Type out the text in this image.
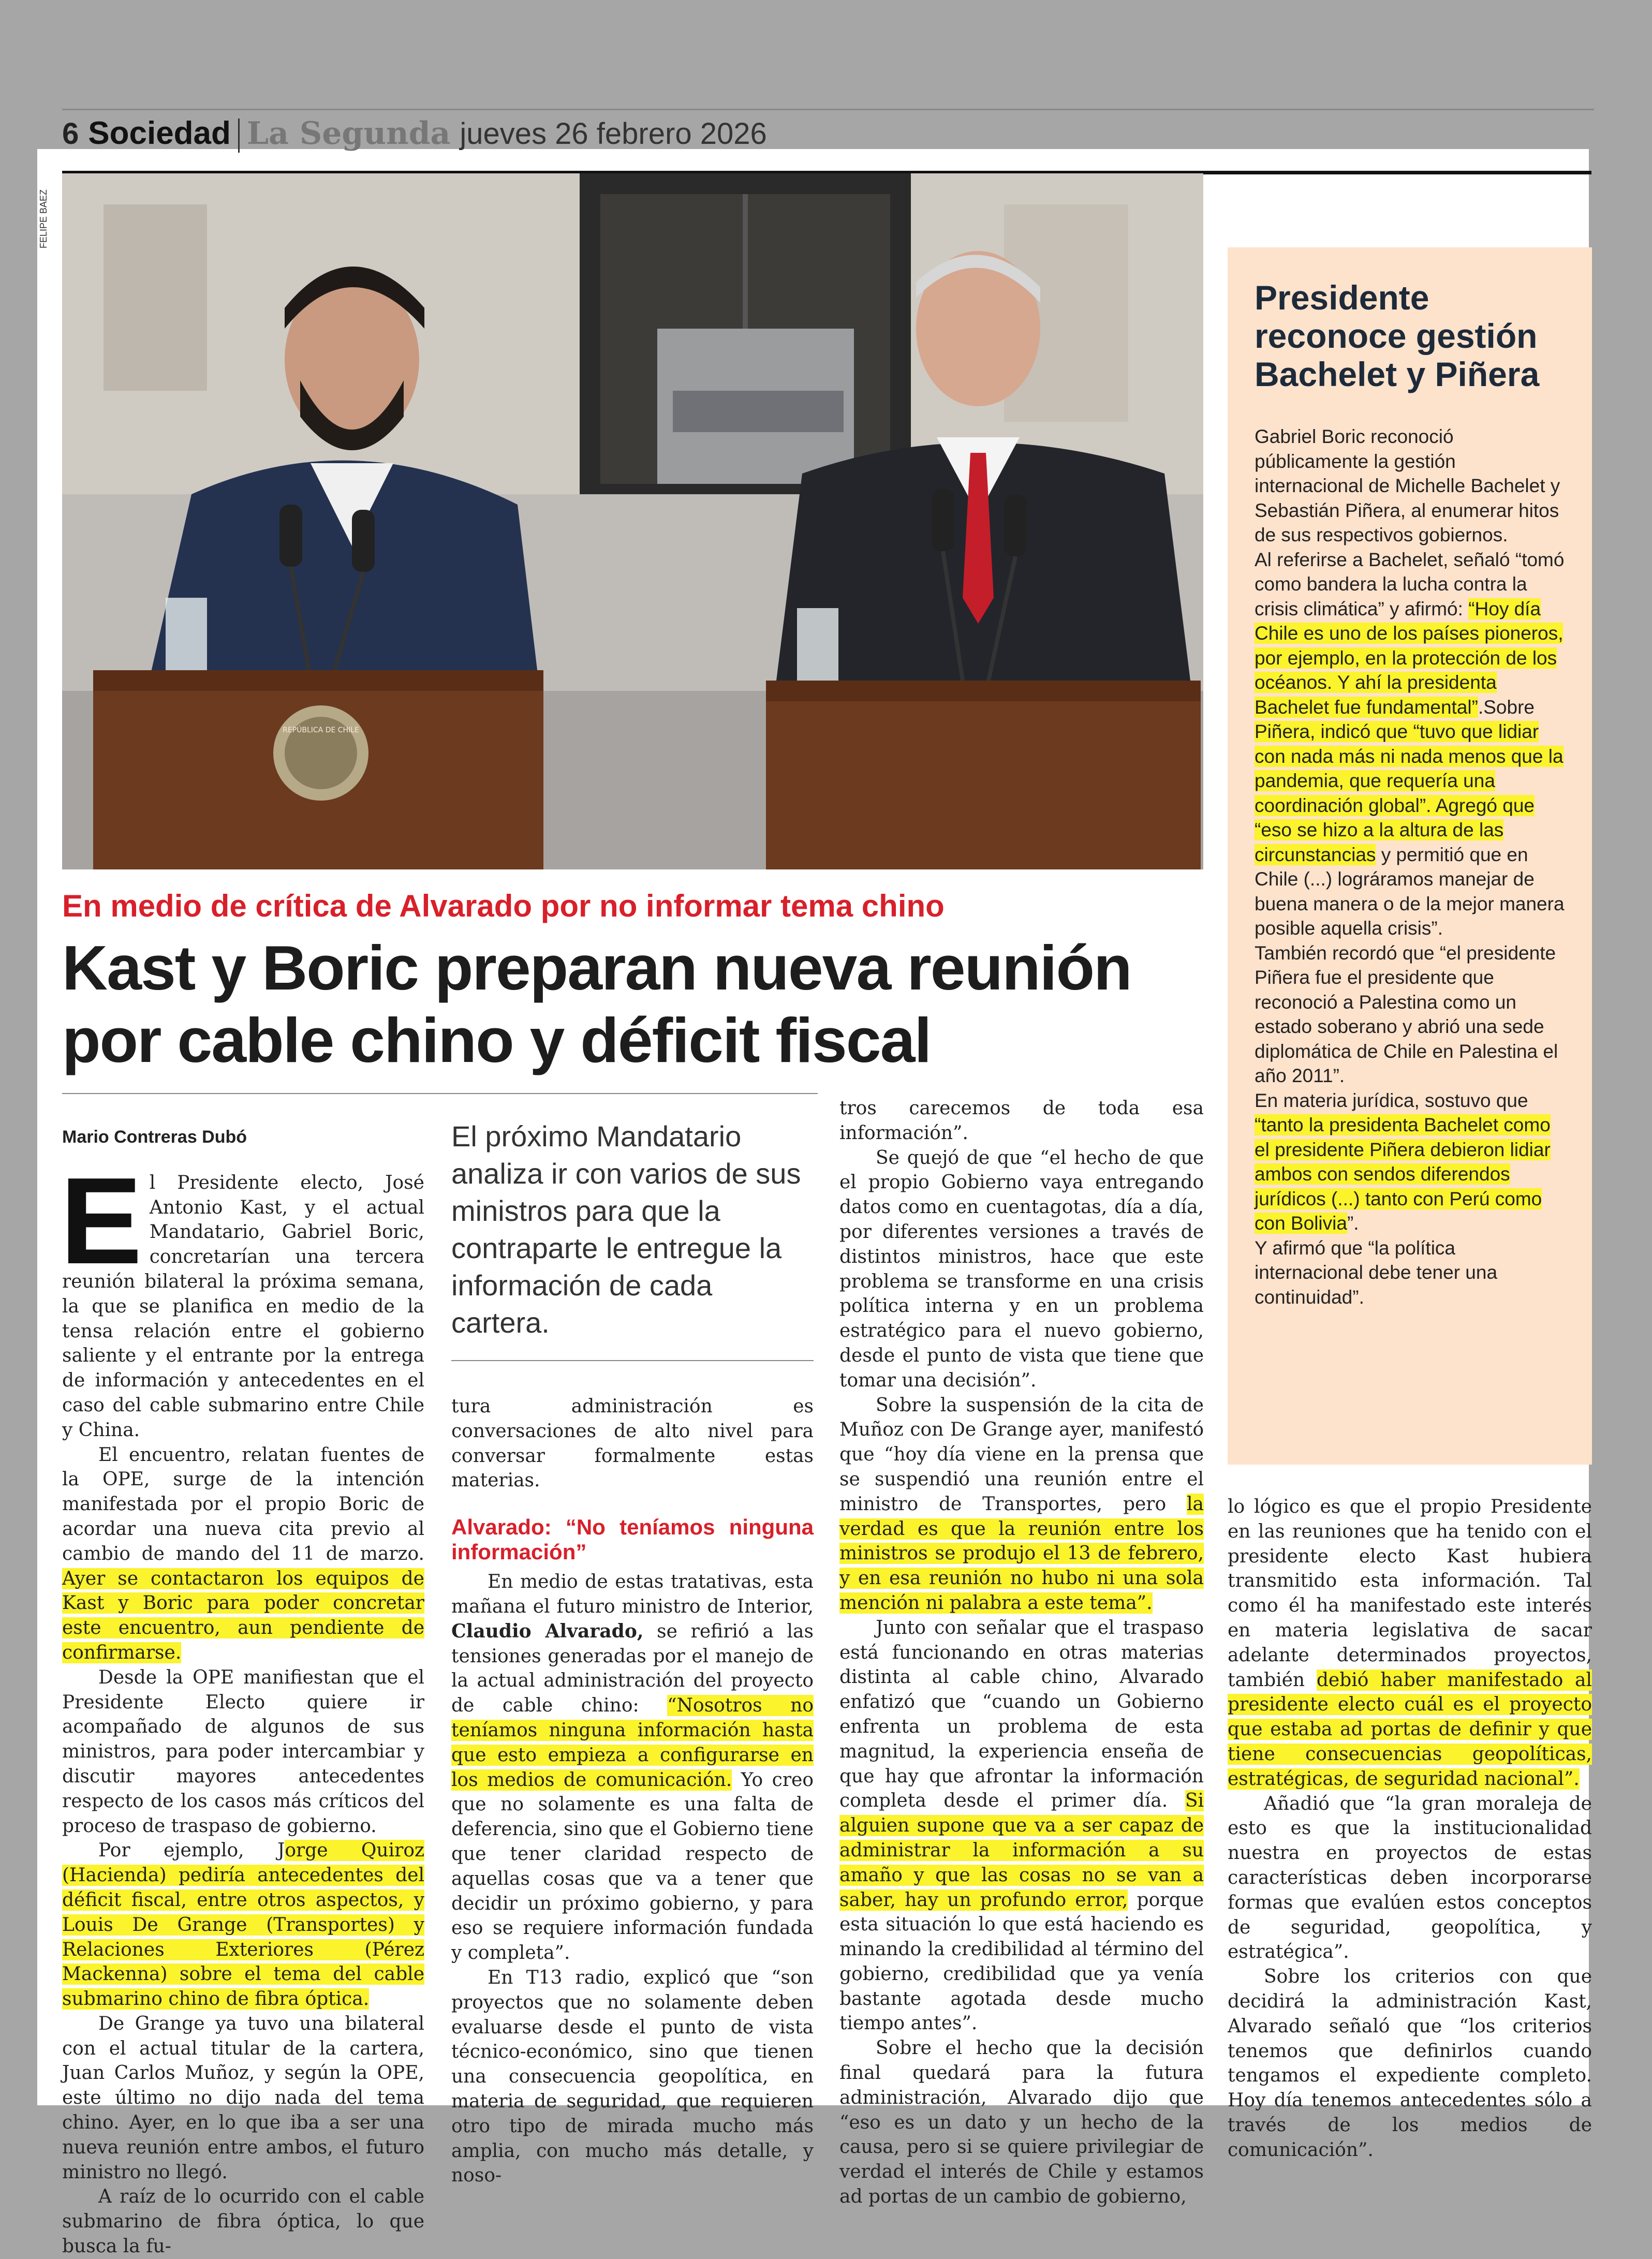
6 Sociedad La Segunda jueves 26 febrero 2026
FELIPE BAEZ
REPÚBLICA DE CHILE
Presidente reconoce gestión Bachelet y Piñera

Gabriel Boric reconoció públicamente la gestión internacional de Michelle Bachelet y Sebastián Piñera, al enumerar hitos de sus respectivos gobiernos.

Al referirse a Bachelet, señaló “tomó como bandera la lucha contra la crisis climática” y afirmó: “Hoy día Chile es uno de los países pioneros, por ejemplo, en la protección de los océanos. Y ahí la presidenta Bachelet fue fundamental”.Sobre Piñera, indicó que “tuvo que lidiar con nada más ni nada menos que la pandemia, que requería una coordinación global”. Agregó que “eso se hizo a la altura de las circunstancias y permitió que en Chile (...) lográramos manejar de buena manera o de la mejor manera posible aquella crisis”.

También recordó que “el presidente Piñera fue el presidente que reconoció a Palestina como un estado soberano y abrió una sede diplomática de Chile en Palestina el año 2011”.

En materia jurídica, sostuvo que “tanto la presidenta Bachelet como el presidente Piñera debieron lidiar ambos con sendos diferendos jurídicos (...) tanto con Perú como con Bolivia”.

Y afirmó que “la política internacional debe tener una continuidad”.

En medio de crítica de Alvarado por no informar tema chino
Kast y Boric preparan nueva reunión
por cable chino y déficit fiscal
Mario Contreras Dubó

El Presidente electo, José Antonio Kast, y el actual Mandatario, Gabriel Boric, concretarían una tercera reunión bilateral la próxima semana, la que se planifica en medio de la tensa relación entre el gobierno saliente y el entrante por la entrega de información y antecedentes en el caso del cable submarino entre Chile y China.

El encuentro, relatan fuentes de la OPE, surge de la intención manifestada por el propio Boric de acordar una nueva cita previo al cambio de mando del 11 de marzo. Ayer se contactaron los equipos de Kast y Boric para poder concretar este encuentro, aun pendiente de confirmarse.

Desde la OPE manifiestan que el Presidente Electo quiere ir acompañado de algunos de sus ministros, para poder intercambiar y discutir mayores antecedentes respecto de los casos más críticos del proceso de traspaso de gobierno.

Por ejemplo, Jorge Quiroz (Hacienda) pediría antecedentes del déficit fiscal, entre otros aspectos, y Louis De Grange (Transportes) y Relaciones Exteriores (Pérez Mackenna) sobre el tema del cable submarino chino de fibra óptica.

De Grange ya tuvo una bilateral con el actual titular de la cartera, Juan Carlos Muñoz, y según la OPE, este último no dijo nada del tema chino. Ayer, en lo que iba a ser una nueva reunión entre ambos, el futuro ministro no llegó.

A raíz de lo ocurrido con el cable submarino de fibra óptica, lo que busca la fu-

El próximo Mandatario analiza ir con varios de sus ministros para que la contraparte le entregue la información de cada cartera.

tura administración es conversaciones de alto nivel para conversar formalmente estas materias.

Alvarado: “No teníamos ninguna información”

En medio de estas tratativas, esta mañana el futuro ministro de Interior, Claudio Alvarado, se refirió a las tensiones generadas por el manejo de la actual administración del proyecto de cable chino: “Nosotros no teníamos ninguna información hasta que esto empieza a configurarse en los medios de comunicación. Yo creo que no solamente es una falta de deferencia, sino que el Gobierno tiene que tener claridad respecto de aquellas cosas que va a tener que decidir un próximo gobierno, y para eso se requiere información fundada y completa”.

En T13 radio, explicó que “son proyectos que no solamente deben evaluarse desde el punto de vista técnico-económico, sino que tienen una consecuencia geopolítica, en materia de seguridad, que requieren otro tipo de mirada mucho más amplia, con mucho más detalle, y noso-

tros carecemos de toda esa información”.

Se quejó de que “el hecho de que el propio Gobierno vaya entregando datos como en cuentagotas, día a día, por diferentes versiones a través de distintos ministros, hace que este problema se transforme en una crisis política interna y en un problema estratégico para el nuevo gobierno, desde el punto de vista que tiene que tomar una decisión”.

Sobre la suspensión de la cita de Muñoz con De Grange ayer, manifestó que “hoy día viene en la prensa que se suspendió una reunión entre el ministro de Transportes, pero la verdad es que la reunión entre los ministros se produjo el 13 de febrero, y en esa reunión no hubo ni una sola mención ni palabra a este tema”.

Junto con señalar que el traspaso está funcionando en otras materias distinta al cable chino, Alvarado enfatizó que “cuando un Gobierno enfrenta un problema de esta magnitud, la experiencia enseña de que hay que afrontar la información completa desde el primer día. Si alguien supone que va a ser capaz de administrar la información a su amaño y que las cosas no se van a saber, hay un profundo error, porque esta situación lo que está haciendo es minando la credibilidad al término del gobierno, credibilidad que ya venía bastante agotada desde mucho tiempo antes”.

Sobre el hecho que la decisión final quedará para la futura administración, Alvarado dijo que “eso es un dato y un hecho de la causa, pero si se quiere privilegiar de verdad el interés de Chile y estamos ad portas de un cambio de gobierno,

lo lógico es que el propio Presidente en las reuniones que ha tenido con el presidente electo Kast hubiera transmitido esta información. Tal como él ha manifestado este interés en materia legislativa de sacar adelante determinados proyectos, también debió haber manifestado al presidente electo cuál es el proyecto que estaba ad portas de definir y que tiene consecuencias geopolíticas, estratégicas, de seguridad nacional”.

Añadió que “la gran moraleja de esto es que la institucionalidad nuestra en proyectos de estas características deben incorporarse formas que evalúen estos conceptos de seguridad, geopolítica, y estratégica”.

Sobre los criterios con que decidirá la administración Kast, Alvarado señaló que “los criterios tenemos que definirlos cuando tengamos el expediente completo. Hoy día tenemos antecedentes sólo a través de los medios de comunicación”.
